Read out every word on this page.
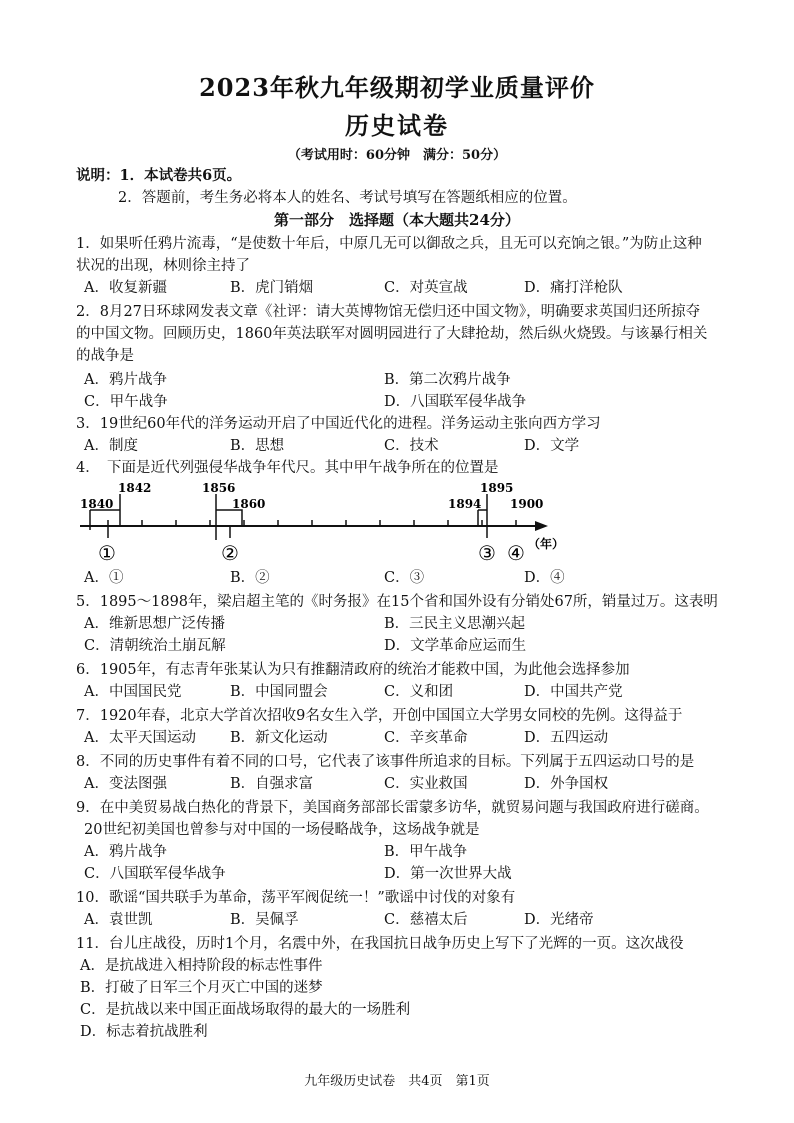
2023年秋九年级期初学业质量评价
历史试卷
（考试用时：60分钟　满分：50分）
说明：1．本试卷共6页。
2．答题前，考生务必将本人的姓名、考试号填写在答题纸相应的位置。
第一部分　选择题（本大题共24分）
1．如果听任鸦片流毒，“是使数十年后，中原几无可以御敌之兵，且无可以充饷之银。”为防止这种
状况的出现，林则徐主持了
A．收复新疆	B．虎门销烟	C．对英宣战	D．痛打洋枪队
2．8月27日环球网发表文章《社评：请大英博物馆无偿归还中国文物》，明确要求英国归还所掠夺
的中国文物。回顾历史，1860年英法联军对圆明园进行了大肆抢劫，然后纵火烧毁。与该暴行相关
的战争是
A．鸦片战争	B．第二次鸦片战争
C．甲午战争	D．八国联军侵华战争
3．19世纪60年代的洋务运动开启了中国近代化的进程。洋务运动主张向西方学习
A．制度	B．思想	C．技术	D．文学
4．　下面是近代列强侵华战争年代尺。其中甲午战争所在的位置是
1842	1856	1895
1840	1860	1894 1900
①	②	③ ④ （年）
A．①	B．②	C．③	D．④
5．1895～1898年，梁启超主笔的《时务报》在15个省和国外设有分销处67所，销量过万。这表明
A．维新思想广泛传播	B．三民主义思潮兴起
C．清朝统治土崩瓦解	D．文学革命应运而生
6．1905年，有志青年张某认为只有推翻清政府的统治才能救中国，为此他会选择参加
A．中国国民党	B．中国同盟会	C．义和团	D．中国共产党
7．1920年春，北京大学首次招收9名女生入学，开创中国国立大学男女同校的先例。这得益于
A．太平天国运动 B．新文化运动	C．辛亥革命	D．五四运动
8．不同的历史事件有着不同的口号，它代表了该事件所追求的目标。下列属于五四运动口号的是
A．变法图强	B．自强求富	C．实业救国	D．外争国权
9．在中美贸易战白热化的背景下，美国商务部部长雷蒙多访华，就贸易问题与我国政府进行磋商。
20世纪初美国也曾参与对中国的一场侵略战争，这场战争就是
A．鸦片战争	B．甲午战争
C．八国联军侵华战争	D．第一次世界大战
10．歌谣“国共联手为革命，荡平军阀促统一！”歌谣中讨伐的对象有
A．袁世凯	B．吴佩孚	C．慈禧太后	D．光绪帝
11．台儿庄战役，历时1个月，名震中外，在我国抗日战争历史上写下了光辉的一页。这次战役
A．是抗战进入相持阶段的标志性事件
B．打破了日军三个月灭亡中国的迷梦
C．是抗战以来中国正面战场取得的最大的一场胜利
D．标志着抗战胜利
九年级历史试卷　共4页　第1页
